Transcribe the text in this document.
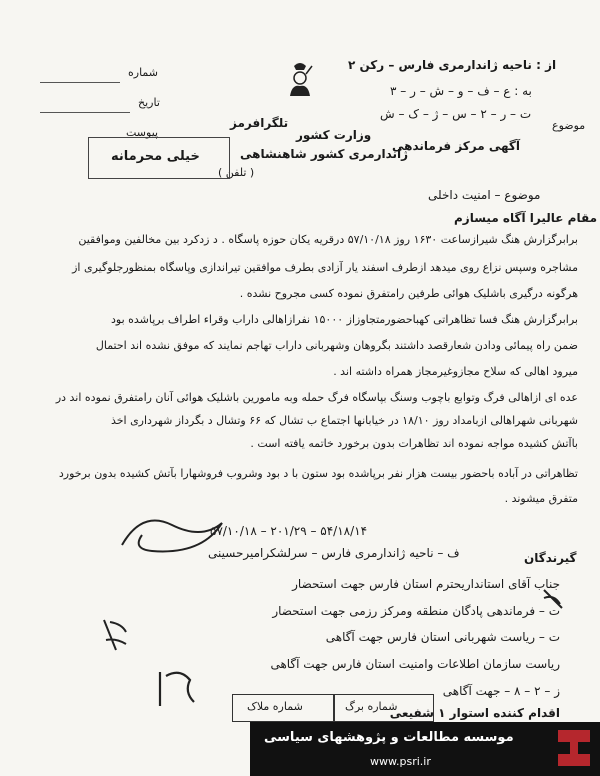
شماره
تاریخ
پیوست
تلگرافرمز
وزارت کشور
ژاندارمری کشور شاهنشاهی
( تلفن )
خیلی محرمانه
از : ناحیه ژاندارمری فارس – رکن ۲
به : ع – ف – و – ش – ر – ۳
ت – ر – ۲ – س – ژ – ک – ش
موضوع
آگهی مرکز فرماندهی
موضوع – امنیت داخلی
مقام عالیرا آگاه میسازم
برابرگزارش هنگ شیرازساعت ۱۶۳۰ روز ۵۷/۱۰/۱۸ درقریه یکان حوزه پاسگاه . د زدکرد بین مخالفین وموافقین
مشاجره وسپس نزاع روی میدهد ازطرف اسفند یار آزادی بطرف موافقین تیراندازی وپاسگاه بمنظورجلوگیری از
هرگونه درگیری باشلیک هوائی طرفین رامتفرق نموده کسی مجروح نشده .
برابرگزارش هنگ فسا تظاهراتی کهباحضورمتجاوزاز ۱۵۰۰۰ نفرازاهالی داراب وقراء اطراف برپاشده بود
ضمن راه پیمائی ودادن شعارقصد داشتند بگروهان وشهربانی داراب تهاجم نمایند که موفق نشده اند احتمال
میرود اهالی که سلاح مجازوغیرمجاز همراه داشته اند .
عده ای ازاهالی فرگ وتوابع باچوب وسنگ بپاسگاه فرگ حمله وبه مامورین باشلیک هوائی آنان رامتفرق نموده اند در
شهربانی شهراهالی ازبامداد روز ۱۸/۱۰ در خیابانها اجتماع ب تشال که ۶۶ وتشال د بگرداز شهرداری اخذ
باآتش کشیده مواجه نموده اند تظاهرات بدون برخورد خاتمه یافته است .
تظاهراتی در آباده باحضور بیست هزار نفر برپاشده بود ستون با د بود وشروب فروشهارا بآتش کشیده بدون برخورد
متفرق میشوند .
۵۷/۱۰/۱۸ – ۲۰۱/۲۹ – ۵۴/۱۸/۱۴
ف – ناحیه ژاندارمری فارس – سرلشکرامیرحسینی	گیرندگان
جناب آقای استانداریحترم استان فارس جهت استحضار
ت – فرماندهی پادگان منطقه ومرکز رزمی جهت استحضار
ت – ریاست شهربانی استان فارس جهت آگاهی
ریاست سازمان اطلاعات وامنیت استان فارس جهت آگاهی
ز – ۲ – ۸ – جهت آگاهی
اقدام کننده استوار ۱ شفیعی
شماره برگ
شماره ملاک
موسسه مطالعات و پژوهشهای سیاسی
www.psri.ir
